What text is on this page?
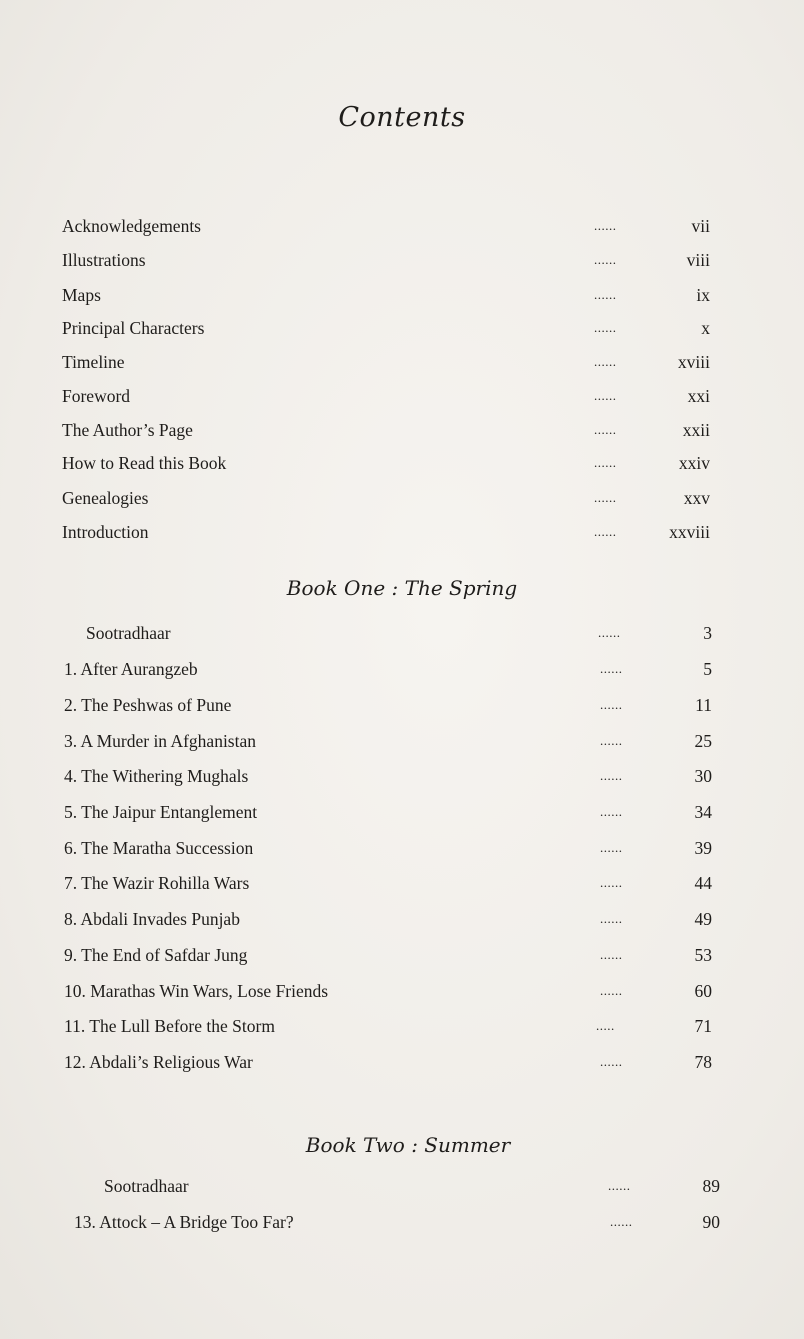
Contents
Acknowledgements	......	vii
Illustrations	......	viii
Maps	......	ix
Principal Characters	......	x
Timeline	......	xviii
Foreword	......	xxi
The Author’s Page	......	xxii
How to Read this Book	......	xxiv
Genealogies	......	xxv
Introduction	......	xxviii
Book One : The Spring
Sootradhaar	......	3
1. After Aurangzeb	......	5
2. The Peshwas of Pune	......	11
3. A Murder in Afghanistan	......	25
4. The Withering Mughals	......	30
5. The Jaipur Entanglement	......	34
6. The Maratha Succession	......	39
7. The Wazir Rohilla Wars	......	44
8. Abdali Invades Punjab	......	49
9. The End of Safdar Jung	......	53
10. Marathas Win Wars, Lose Friends	......	60
11. The Lull Before the Storm	.....	71
12. Abdali’s Religious War	......	78
Book Two : Summer
Sootradhaar	......	89
13. Attock – A Bridge Too Far?	......	90
